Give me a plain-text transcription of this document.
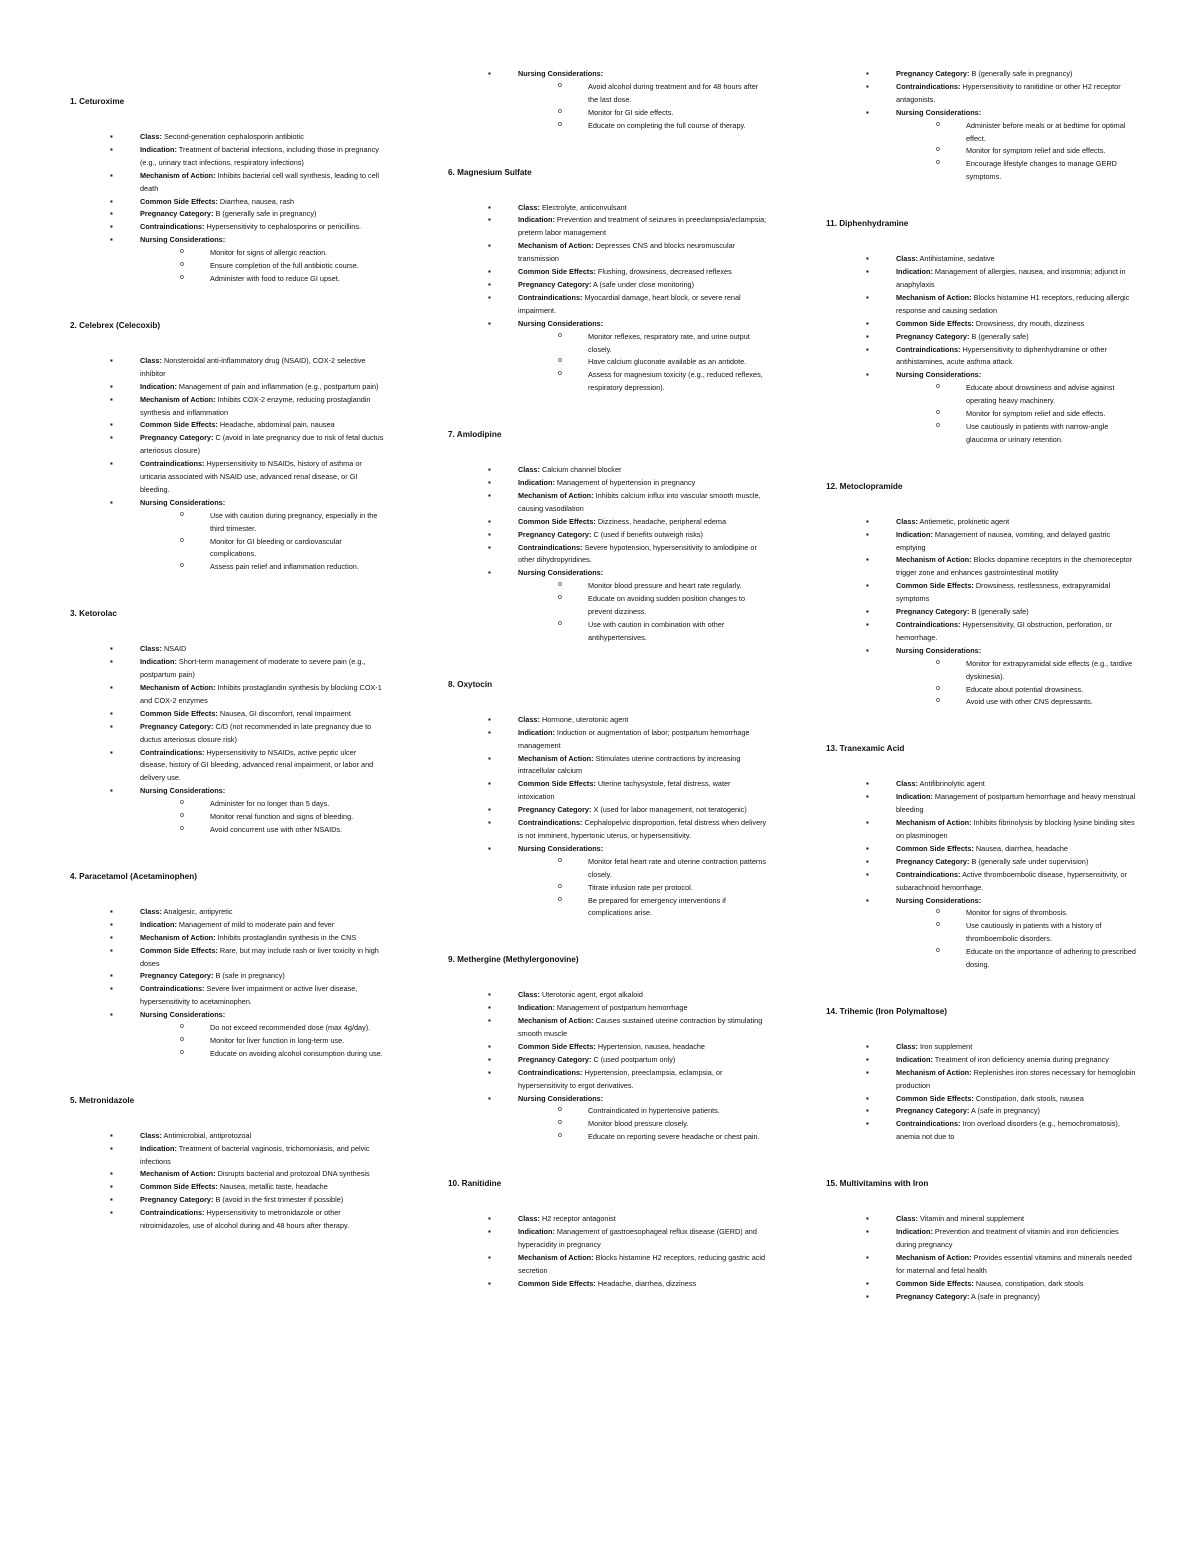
1. Ceturoxime
▪ Class: Second-generation cephalosporin antibiotic
▪ Indication: Treatment of bacterial infections, including those in pregnancy (e.g., urinary tract infections, respiratory infections)
▪ Mechanism of Action: Inhibits bacterial cell wall synthesis, leading to cell death
▪ Common Side Effects: Diarrhea, nausea, rash
▪ Pregnancy Category: B (generally safe in pregnancy)
▪ Contraindications: Hypersensitivity to cephalosporins or penicillins.
▪ Nursing Considerations:
o Monitor for signs of allergic reaction.
o Ensure completion of the full antibiotic course.
o Administer with food to reduce GI upset.
2. Celebrex (Celecoxib)
▪ Class: Nonsteroidal anti-inflammatory drug (NSAID), COX-2 selective inhibitor
▪ Indication: Management of pain and inflammation (e.g., postpartum pain)
▪ Mechanism of Action: Inhibits COX-2 enzyme, reducing prostaglandin synthesis and inflammation
▪ Common Side Effects: Headache, abdominal pain, nausea
▪ Pregnancy Category: C (avoid in late pregnancy due to risk of fetal ductus arteriosus closure)
▪ Contraindications: Hypersensitivity to NSAIDs, history of asthma or urticaria associated with NSAID use, advanced renal disease, or GI bleeding.
▪ Nursing Considerations:
o Use with caution during pregnancy, especially in the third trimester.
o Monitor for GI bleeding or cardiovascular complications.
o Assess pain relief and inflammation reduction.
3. Ketorolac
▪ Class: NSAID
▪ Indication: Short-term management of moderate to severe pain (e.g., postpartum pain)
▪ Mechanism of Action: Inhibits prostaglandin synthesis by blocking COX-1 and COX-2 enzymes
▪ Common Side Effects: Nausea, GI discomfort, renal impairment
▪ Pregnancy Category: C/D (not recommended in late pregnancy due to ductus arteriosus closure risk)
▪ Contraindications: Hypersensitivity to NSAIDs, active peptic ulcer disease, history of GI bleeding, advanced renal impairment, or labor and delivery use.
▪ Nursing Considerations:
o Administer for no longer than 5 days.
o Monitor renal function and signs of bleeding.
o Avoid concurrent use with other NSAIDs.
4. Paracetamol (Acetaminophen)
▪ Class: Analgesic, antipyretic
▪ Indication: Management of mild to moderate pain and fever
▪ Mechanism of Action: Inhibits prostaglandin synthesis in the CNS
▪ Common Side Effects: Rare, but may include rash or liver toxicity in high doses
▪ Pregnancy Category: B (safe in pregnancy)
▪ Contraindications: Severe liver impairment or active liver disease, hypersensitivity to acetaminophen.
▪ Nursing Considerations:
o Do not exceed recommended dose (max 4g/day).
o Monitor for liver function in long-term use.
o Educate on avoiding alcohol consumption during use.
5. Metronidazole
▪ Class: Antimicrobial, antiprotozoal
▪ Indication: Treatment of bacterial vaginosis, trichomoniasis, and pelvic infections
▪ Mechanism of Action: Disrupts bacterial and protozoal DNA synthesis
▪ Common Side Effects: Nausea, metallic taste, headache
▪ Pregnancy Category: B (avoid in the first trimester if possible)
▪ Contraindications: Hypersensitivity to metronidazole or other nitroimidazoles, use of alcohol during and 48 hours after therapy.
▪ Nursing Considerations:
o Avoid alcohol during treatment and for 48 hours after the last dose.
o Monitor for GI side effects.
o Educate on completing the full course of therapy.
6. Magnesium Sulfate
▪ Class: Electrolyte, anticonvulsant
▪ Indication: Prevention and treatment of seizures in preeclampsia/eclampsia; preterm labor management
▪ Mechanism of Action: Depresses CNS and blocks neuromuscular transmission
▪ Common Side Effects: Flushing, drowsiness, decreased reflexes
▪ Pregnancy Category: A (safe under close monitoring)
▪ Contraindications: Myocardial damage, heart block, or severe renal impairment.
▪ Nursing Considerations:
o Monitor reflexes, respiratory rate, and urine output closely.
o Have calcium gluconate available as an antidote.
o Assess for magnesium toxicity (e.g., reduced reflexes, respiratory depression).
7. Amlodipine
▪ Class: Calcium channel blocker
▪ Indication: Management of hypertension in pregnancy
▪ Mechanism of Action: Inhibits calcium influx into vascular smooth muscle, causing vasodilation
▪ Common Side Effects: Dizziness, headache, peripheral edema
▪ Pregnancy Category: C (used if benefits outweigh risks)
▪ Contraindications: Severe hypotension, hypersensitivity to amlodipine or other dihydropyridines.
▪ Nursing Considerations:
o Monitor blood pressure and heart rate regularly.
o Educate on avoiding sudden position changes to prevent dizziness.
o Use with caution in combination with other antihypertensives.
8. Oxytocin
▪ Class: Hormone, uterotonic agent
▪ Indication: Induction or augmentation of labor; postpartum hemorrhage management
▪ Mechanism of Action: Stimulates uterine contractions by increasing intracellular calcium
▪ Common Side Effects: Uterine tachysystole, fetal distress, water intoxication
▪ Pregnancy Category: X (used for labor management, not teratogenic)
▪ Contraindications: Cephalopelvic disproportion, fetal distress when delivery is not imminent, hypertonic uterus, or hypersensitivity.
▪ Nursing Considerations:
o Monitor fetal heart rate and uterine contraction patterns closely.
o Titrate infusion rate per protocol.
o Be prepared for emergency interventions if complications arise.
9. Methergine (Methylergonovine)
▪ Class: Uterotonic agent, ergot alkaloid
▪ Indication: Management of postpartum hemorrhage
▪ Mechanism of Action: Causes sustained uterine contraction by stimulating smooth muscle
▪ Common Side Effects: Hypertension, nausea, headache
▪ Pregnancy Category: C (used postpartum only)
▪ Contraindications: Hypertension, preeclampsia, eclampsia, or hypersensitivity to ergot derivatives.
▪ Nursing Considerations:
o Contraindicated in hypertensive patients.
o Monitor blood pressure closely.
o Educate on reporting severe headache or chest pain.
10. Ranitidine
▪ Class: H2 receptor antagonist
▪ Indication: Management of gastroesophageal reflux disease (GERD) and hyperacidity in pregnancy
▪ Mechanism of Action: Blocks histamine H2 receptors, reducing gastric acid secretion
▪ Common Side Effects: Headache, diarrhea, dizziness
▪ Pregnancy Category: B (generally safe in pregnancy)
▪ Contraindications: Hypersensitivity to ranitidine or other H2 receptor antagonists.
▪ Nursing Considerations:
o Administer before meals or at bedtime for optimal effect.
o Monitor for symptom relief and side effects.
o Encourage lifestyle changes to manage GERD symptoms.
11. Diphenhydramine
▪ Class: Antihistamine, sedative
▪ Indication: Management of allergies, nausea, and insomnia; adjunct in anaphylaxis
▪ Mechanism of Action: Blocks histamine H1 receptors, reducing allergic response and causing sedation
▪ Common Side Effects: Drowsiness, dry mouth, dizziness
▪ Pregnancy Category: B (generally safe)
▪ Contraindications: Hypersensitivity to diphenhydramine or other antihistamines, acute asthma attack.
▪ Nursing Considerations:
o Educate about drowsiness and advise against operating heavy machinery.
o Monitor for symptom relief and side effects.
o Use cautiously in patients with narrow-angle glaucoma or urinary retention.
12. Metoclopramide
▪ Class: Antiemetic, prokinetic agent
▪ Indication: Management of nausea, vomiting, and delayed gastric emptying
▪ Mechanism of Action: Blocks dopamine receptors in the chemoreceptor trigger zone and enhances gastrointestinal motility
▪ Common Side Effects: Drowsiness, restlessness, extrapyramidal symptoms
▪ Pregnancy Category: B (generally safe)
▪ Contraindications: Hypersensitivity, GI obstruction, perforation, or hemorrhage.
▪ Nursing Considerations:
o Monitor for extrapyramidal side effects (e.g., tardive dyskinesia).
o Educate about potential drowsiness.
o Avoid use with other CNS depressants.
13. Tranexamic Acid
▪ Class: Antifibrinolytic agent
▪ Indication: Management of postpartum hemorrhage and heavy menstrual bleeding
▪ Mechanism of Action: Inhibits fibrinolysis by blocking lysine binding sites on plasminogen
▪ Common Side Effects: Nausea, diarrhea, headache
▪ Pregnancy Category: B (generally safe under supervision)
▪ Contraindications: Active thromboembolic disease, hypersensitivity, or subarachnoid hemorrhage.
▪ Nursing Considerations:
o Monitor for signs of thrombosis.
o Use cautiously in patients with a history of thromboembolic disorders.
o Educate on the importance of adhering to prescribed dosing.
14. Trihemic (Iron Polymaltose)
▪ Class: Iron supplement
▪ Indication: Treatment of iron deficiency anemia during pregnancy
▪ Mechanism of Action: Replenishes iron stores necessary for hemoglobin production
▪ Common Side Effects: Constipation, dark stools, nausea
▪ Pregnancy Category: A (safe in pregnancy)
▪ Contraindications: Iron overload disorders (e.g., hemochromatosis), anemia not due to
15. Multivitamins with Iron
▪ Class: Vitamin and mineral supplement
▪ Indication: Prevention and treatment of vitamin and iron deficiencies during pregnancy
▪ Mechanism of Action: Provides essential vitamins and minerals needed for maternal and fetal health
▪ Common Side Effects: Nausea, constipation, dark stools
▪ Pregnancy Category: A (safe in pregnancy)
